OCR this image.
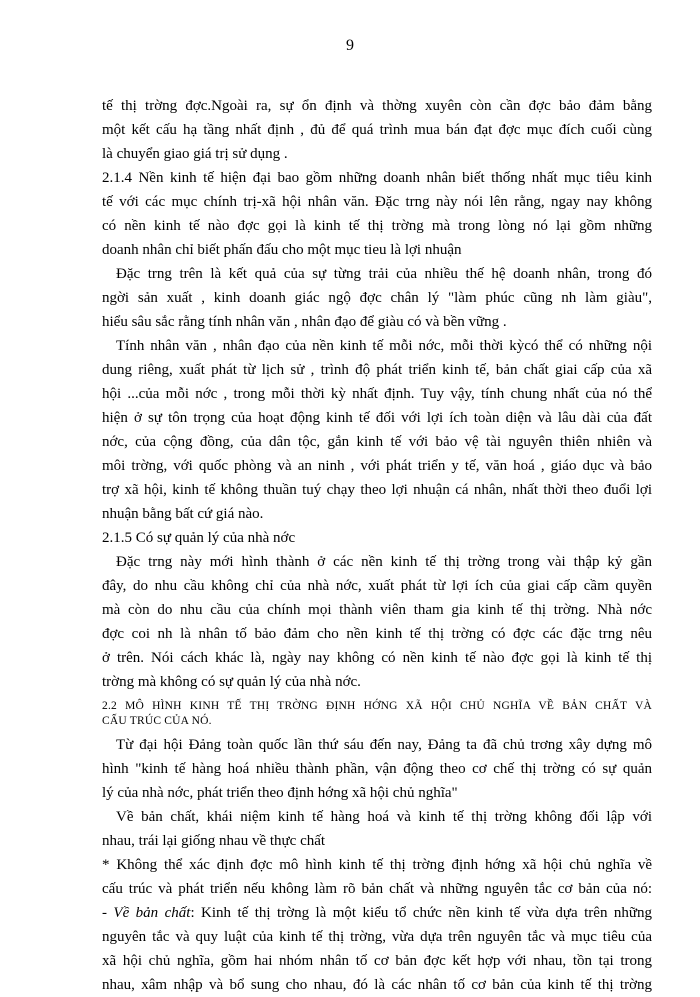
9
tế thị trờng đợc.Ngoài ra, sự ổn định và thờng xuyên còn cần đợc bảo đảm bằng
một kết cấu hạ tầng nhất định , đủ để quá trình mua bán đạt đợc mục đích cuối cùng
là chuyển giao giá trị sử dụng .
2.1.4 Nền kinh tế hiện đại bao gồm những doanh nhân biết thống nhất mục tiêu kinh
tế với các mục chính trị-xã hội nhân văn. Đặc trng này nói lên rằng, ngay nay không
có nền kinh tế nào đợc gọi là kinh tế thị trờng mà trong lòng nó lại gồm những
doanh nhân chỉ biết phấn đấu cho một mục tieu là lợi nhuận
Đặc trng trên là kết quả của sự từng trải của nhiều thế hệ doanh nhân, trong đó
ngời sản xuất , kinh doanh giác ngộ đợc chân lý "làm phúc cũng nh làm giàu",
hiểu sâu sắc rằng tính nhân văn , nhân đạo để giàu có và bền vững .
Tính nhân văn , nhân đạo của nền kinh tế mỗi nớc, mỗi thời kỳcó thể có những nội
dung riêng, xuất phát từ lịch sử , trình độ phát triển kinh tế, bản chất giai cấp của xã
hội ...của mỗi nớc , trong mỗi thời kỳ nhất định. Tuy vậy, tính chung nhất của nó thể
hiện ở sự tôn trọng của hoạt động kinh tế đối với lợi ích toàn diện và lâu dài của đất
nớc, của cộng đồng, của dân tộc, gắn kinh tế với bảo vệ tài nguyên thiên nhiên và
môi trờng, với quốc phòng và an ninh , với phát triển y tế, văn hoá , giáo dục và bảo
trợ xã hội, kinh tế không thuần tuý chạy theo lợi nhuận cá nhân, nhất thời theo đuổi lợi
nhuận bằng bất cứ giá nào.
2.1.5 Có sự quản lý của nhà nớc
Đặc trng này mới hình thành ở các nền kinh tế thị trờng trong vài thập kỷ gần
đây, do nhu cầu không chỉ của nhà nớc, xuất phát từ lợi ích của giai cấp cầm quyền
mà còn do nhu cầu của chính mọi thành viên tham gia kinh tế thị trờng. Nhà nớc
đợc coi nh là nhân tố bảo đảm cho nền kinh tế thị trờng có đợc các đặc trng nêu
ở trên. Nói cách khác là, ngày nay không có nền kinh tế nào đợc gọi là kinh tế thị
trờng mà không có sự quản lý của nhà nớc.
2.2 MÔ HÌNH KINH TẾ THỊ TRỜNG ĐỊNH HỚNG XÃ HỘI CHỦ NGHĨA VỀ BẢN CHẤT VÀ
CẤU TRÚC CỦA NÓ.
Từ đại hội Đảng toàn quốc lần thứ sáu đến nay, Đảng ta đã chủ trơng xây dựng mô
hình "kinh tế hàng hoá nhiều thành phần, vận động theo cơ chế thị trờng có sự quản
lý của nhà nớc, phát triển theo định hớng xã hội chủ nghĩa"
Về bản chất, khái niệm kinh tế hàng hoá và kinh tế thị trờng không đối lập với
nhau, trái lại giống nhau về thực chất
* Không thể xác định đợc mô hình kinh tế thị trờng định hớng xã hội chủ nghĩa về
cấu trúc và phát triển nếu không làm rõ bản chất và những nguyên tắc cơ bản của nó:
- Về bản chất: Kinh tế thị trờng là một kiểu tổ chức nền kinh tế vừa dựa trên những
nguyên tắc và quy luật của kinh tế thị trờng, vừa dựa trên nguyên tắc và mục tiêu của
xã hội chủ nghĩa, gồm hai nhóm nhân tố cơ bản đợc kết hợp với nhau, tồn tại trong
nhau, xâm nhập và bổ sung cho nhau, đó là các nhân tố cơ bản của kinh tế thị trờng
